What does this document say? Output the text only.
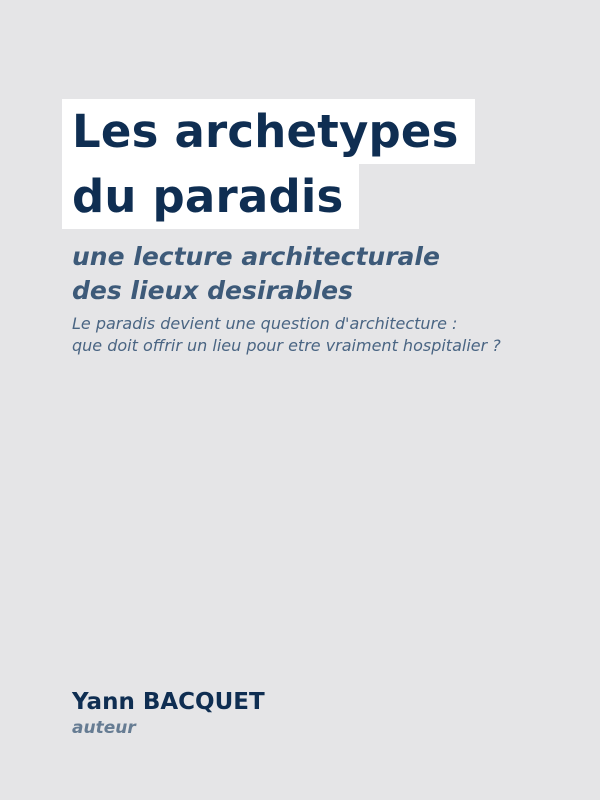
Les archetypes
du paradis
une lecture architecturale
des lieux desirables
Le paradis devient une question d'architecture :
que doit offrir un lieu pour etre vraiment hospitalier ?
Yann BACQUET
auteur
